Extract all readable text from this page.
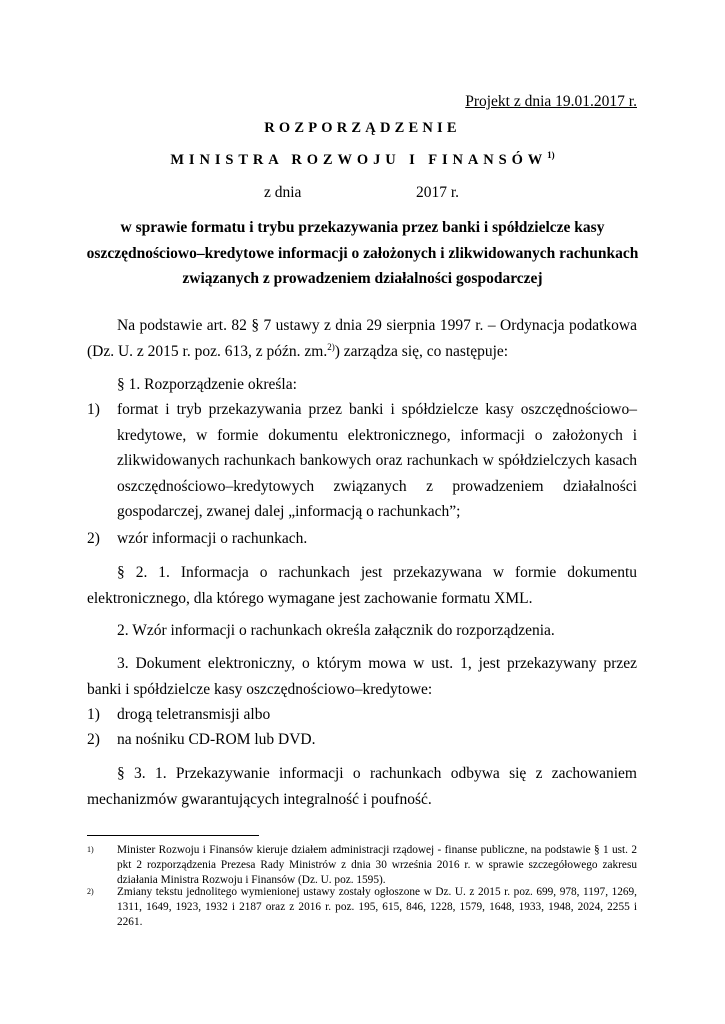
Projekt z dnia 19.01.2017 r.
ROZPORZĄDZENIE
MINISTRA ROZWOJU I FINANSÓW$^{1)}$
z dnia	2017 r.
w sprawie formatu i trybu przekazywania przez banki i spółdzielcze kasy oszczędnościowo–kredytowe informacji o założonych i zlikwidowanych rachunkach związanych z prowadzeniem działalności gospodarczej
Na podstawie art. 82 § 7 ustawy z dnia 29 sierpnia 1997 r. – Ordynacja podatkowa (Dz. U. z 2015 r. poz. 613, z późn. zm.$^{2)}$) zarządza się, co następuje:
§ 1. Rozporządzenie określa:
1) format i tryb przekazywania przez banki i spółdzielcze kasy oszczędnościowo–kredytowe, w formie dokumentu elektronicznego, informacji o założonych i zlikwidowanych rachunkach bankowych oraz rachunkach w spółdzielczych kasach oszczędnościowo–kredytowych związanych z prowadzeniem działalności gospodarczej, zwanej dalej „informacją o rachunkach”;
2) wzór informacji o rachunkach.
§ 2. 1. Informacja o rachunkach jest przekazywana w formie dokumentu elektronicznego, dla którego wymagane jest zachowanie formatu XML.
2. Wzór informacji o rachunkach określa załącznik do rozporządzenia.
3. Dokument elektroniczny, o którym mowa w ust. 1, jest przekazywany przez banki i spółdzielcze kasy oszczędnościowo–kredytowe:
1) drogą teletransmisji albo
2) na nośniku CD-ROM lub DVD.
§ 3. 1. Przekazywanie informacji o rachunkach odbywa się z zachowaniem mechanizmów gwarantujących integralność i poufność.
1) Minister Rozwoju i Finansów kieruje działem administracji rządowej - finanse publiczne, na podstawie § 1 ust. 2 pkt 2 rozporządzenia Prezesa Rady Ministrów z dnia 30 września 2016 r. w sprawie szczegółowego zakresu działania Ministra Rozwoju i Finansów (Dz. U. poz. 1595).
2) Zmiany tekstu jednolitego wymienionej ustawy zostały ogłoszone w Dz. U. z 2015 r. poz. 699, 978, 1197, 1269, 1311, 1649, 1923, 1932 i 2187 oraz z 2016 r. poz. 195, 615, 846, 1228, 1579, 1648, 1933, 1948, 2024, 2255 i 2261.
